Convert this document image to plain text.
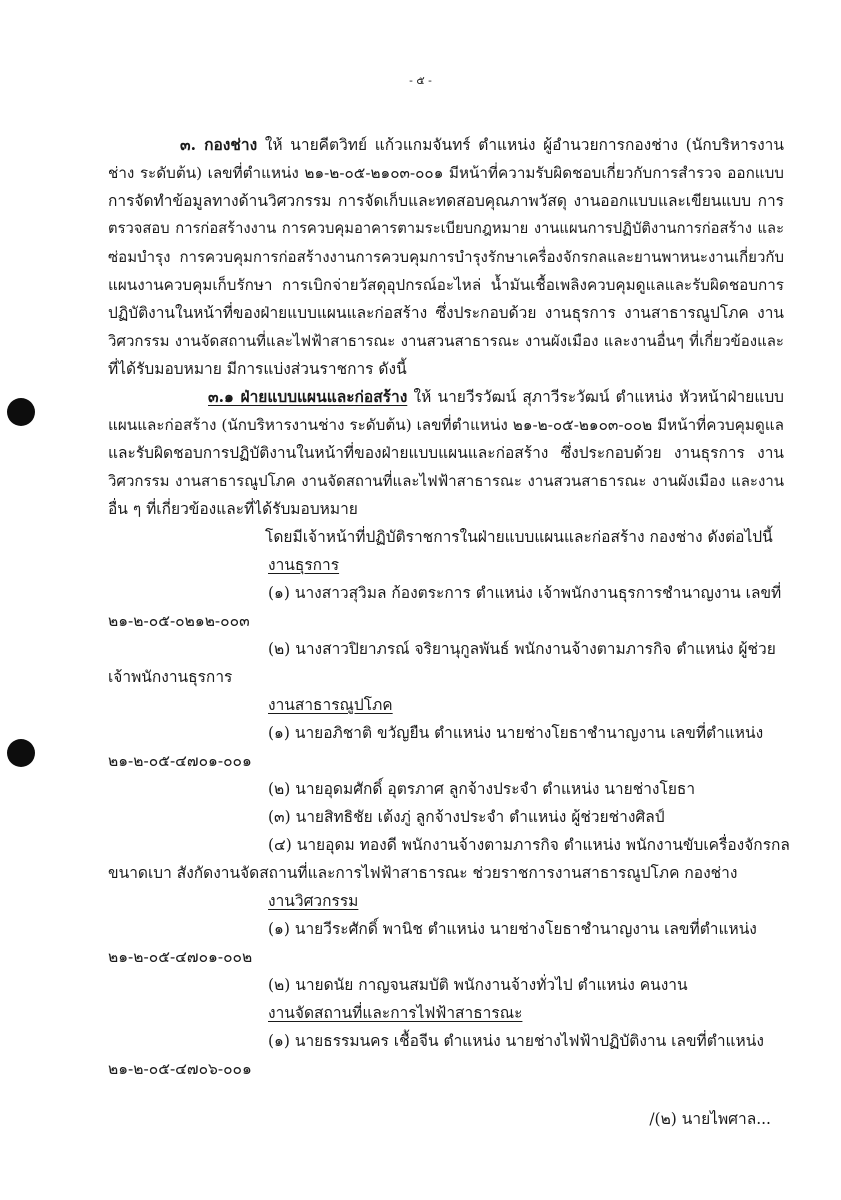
- ๕ -
๓. กองช่าง ให้ นายคีตวิทย์ แก้วแกมจันทร์ ตำแหน่ง ผู้อำนวยการกองช่าง (นักบริหารงาน
ช่าง ระดับต้น) เลขที่ตำแหน่ง ๒๑-๒-๐๕-๒๑๐๓-๐๐๑ มีหน้าที่ความรับผิดชอบเกี่ยวกับการสำรวจ ออกแบบ
การจัดทำข้อมูลทางด้านวิศวกรรม การจัดเก็บและทดสอบคุณภาพวัสดุ งานออกแบบและเขียนแบบ การ
ตรวจสอบ การก่อสร้างงาน การควบคุมอาคารตามระเบียบกฎหมาย งานแผนการปฏิบัติงานการก่อสร้าง และ
ซ่อมบำรุง การควบคุมการก่อสร้างงานการควบคุมการบำรุงรักษาเครื่องจักรกลและยานพาหนะงานเกี่ยวกับ
แผนงานควบคุมเก็บรักษา การเบิกจ่ายวัสดุอุปกรณ์อะไหล่ น้ำมันเชื้อเพลิงควบคุมดูแลและรับผิดชอบการ
ปฏิบัติงานในหน้าที่ของฝ่ายแบบแผนและก่อสร้าง ซึ่งประกอบด้วย งานธุรการ งานสาธารณูปโภค งาน
วิศวกรรม งานจัดสถานที่และไฟฟ้าสาธารณะ งานสวนสาธารณะ งานผังเมือง และงานอื่นๆ ที่เกี่ยวข้องและ
ที่ได้รับมอบหมาย มีการแบ่งส่วนราชการ ดังนี้
๓.๑ ฝ่ายแบบแผนและก่อสร้าง ให้ นายวีรวัฒน์ สุภาวีระวัฒน์ ตำแหน่ง หัวหน้าฝ่ายแบบ
แผนและก่อสร้าง (นักบริหารงานช่าง ระดับต้น) เลขที่ตำแหน่ง ๒๑-๒-๐๕-๒๑๐๓-๐๐๒ มีหน้าที่ควบคุมดูแล
และรับผิดชอบการปฏิบัติงานในหน้าที่ของฝ่ายแบบแผนและก่อสร้าง ซึ่งประกอบด้วย งานธุรการ งาน
วิศวกรรม งานสาธารณูปโภค งานจัดสถานที่และไฟฟ้าสาธารณะ งานสวนสาธารณะ งานผังเมือง และงาน
อื่น ๆ ที่เกี่ยวข้องและที่ได้รับมอบหมาย
โดยมีเจ้าหน้าที่ปฏิบัติราชการในฝ่ายแบบแผนและก่อสร้าง กองช่าง ดังต่อไปนี้
งานธุรการ
(๑) นางสาวสุวิมล ก้องตระการ ตำแหน่ง เจ้าพนักงานธุรการชำนาญงาน เลขที่
๒๑-๒-๐๕-๐๒๑๒-๐๐๓
(๒) นางสาวปิยาภรณ์ จริยานุกูลพันธ์ พนักงานจ้างตามภารกิจ ตำแหน่ง ผู้ช่วย
เจ้าพนักงานธุรการ
งานสาธารณูปโภค
(๑) นายอภิชาติ ขวัญยืน ตำแหน่ง นายช่างโยธาชำนาญงาน เลขที่ตำแหน่ง
๒๑-๒-๐๕-๔๗๐๑-๐๐๑
(๒) นายอุดมศักดิ์ อุตรภาศ ลูกจ้างประจำ ตำแหน่ง นายช่างโยธา
(๓) นายสิทธิชัย เต้งภู่ ลูกจ้างประจำ ตำแหน่ง ผู้ช่วยช่างศิลป์
(๔) นายอุดม ทองดี พนักงานจ้างตามภารกิจ ตำแหน่ง พนักงานขับเครื่องจักรกล
ขนาดเบา สังกัดงานจัดสถานที่และการไฟฟ้าสาธารณะ ช่วยราชการงานสาธารณูปโภค กองช่าง
งานวิศวกรรม
(๑) นายวีระศักดิ์ พานิช ตำแหน่ง นายช่างโยธาชำนาญงาน เลขที่ตำแหน่ง
๒๑-๒-๐๕-๔๗๐๑-๐๐๒
(๒) นายดนัย กาญจนสมบัติ พนักงานจ้างทั่วไป ตำแหน่ง คนงาน
งานจัดสถานที่และการไฟฟ้าสาธารณะ
(๑) นายธรรมนคร เชื้อจีน ตำแหน่ง นายช่างไฟฟ้าปฏิบัติงาน เลขที่ตำแหน่ง
๒๑-๒-๐๕-๔๗๐๖-๐๐๑
/(๒) นายไพศาล...
